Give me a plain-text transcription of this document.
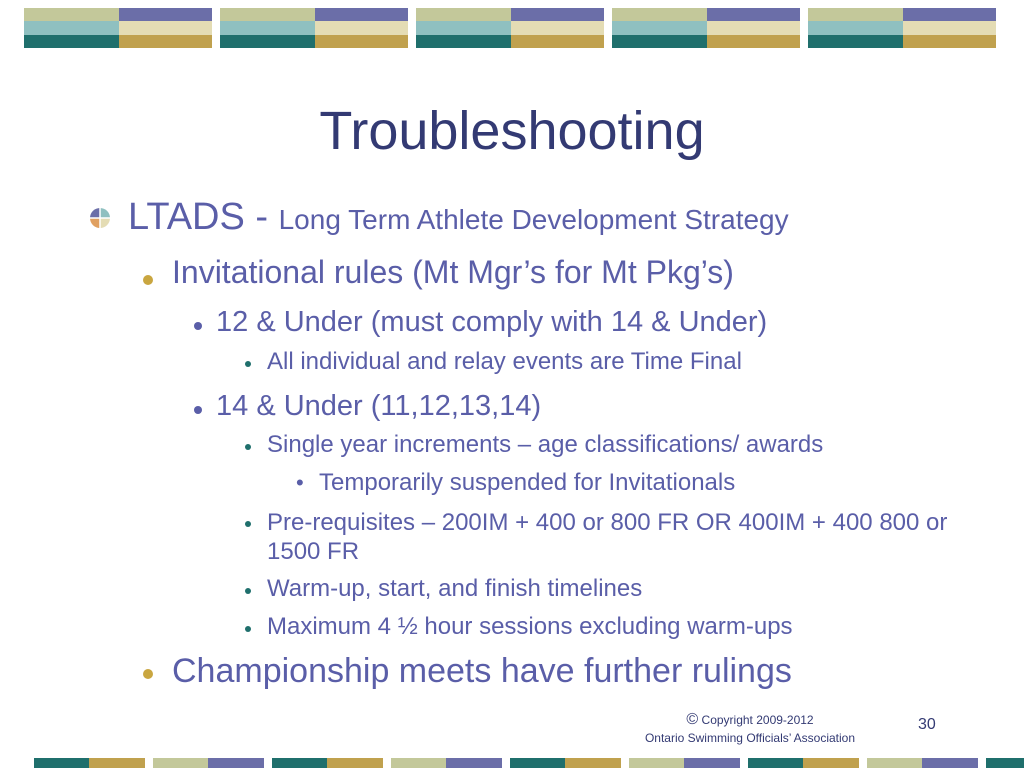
Troubleshooting
LTADS - Long Term Athlete Development Strategy
Invitational rules (Mt Mgr’s for Mt Pkg’s)
12 & Under (must comply with 14 & Under)
All individual and relay events are Time Final
14 & Under (11,12,13,14)
Single year increments – age classifications/ awards
• Temporarily suspended for Invitationals
Pre-requisites – 200IM + 400 or 800 FR OR 400IM + 400 800 or 1500 FR
Warm-up, start, and finish timelines
Maximum 4 ½ hour sessions excluding warm-ups
Championship meets have further rulings
© Copyright 2009-2012
Ontario Swimming Officials’ Association
30
